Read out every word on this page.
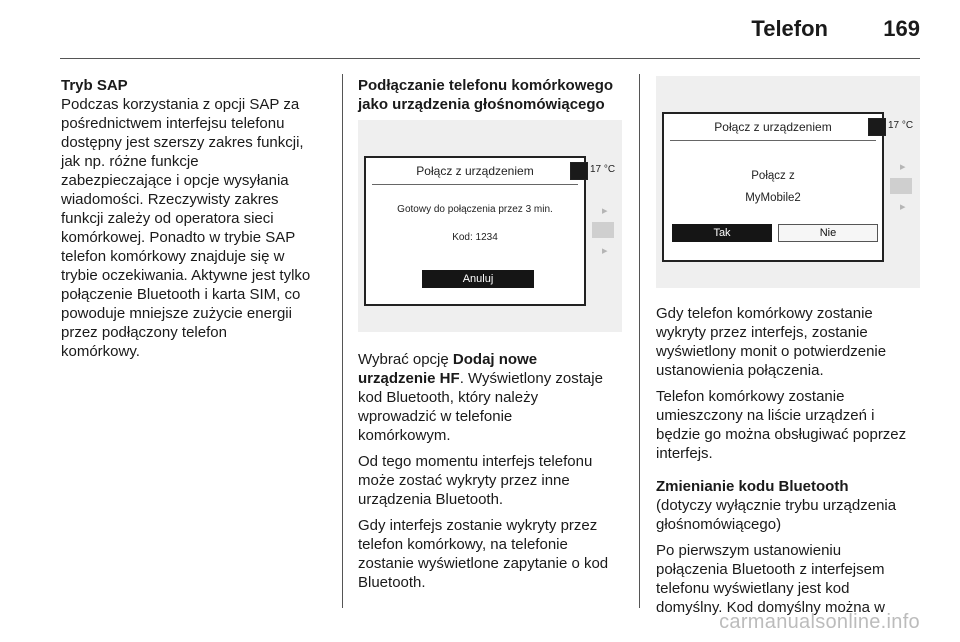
Telefon	169
Tryb SAP

Podczas korzystania z opcji SAP za

pośrednictwem interfejsu telefonu

dostępny jest szerszy zakres funkcji,

jak np. różne funkcje

zabezpieczające i opcje wysyłania

wiadomości. Rzeczywisty zakres

funkcji zależy od operatora sieci

komórkowej. Ponadto w trybie SAP

telefon komórkowy znajduje się w

trybie oczekiwania. Aktywne jest tylko

połączenie Bluetooth i karta SIM, co

powoduje mniejsze zużycie energii

przez podłączony telefon

komórkowy.

Podłączanie telefonu komórkowego
jako urządzenia głośnomówiącego
Połącz z urządzeniem
Gotowy do połączenia przez 3 min.
Kod: 1234
Anuluj
17 °C
▸
▸

Wybrać opcję Dodaj nowe

urządzenie HF. Wyświetlony zostaje

kod Bluetooth, który należy

wprowadzić w telefonie

komórkowym.

Od tego momentu interfejs telefonu

może zostać wykryty przez inne

urządzenia Bluetooth.

Gdy interfejs zostanie wykryty przez

telefon komórkowy, na telefonie

zostanie wyświetlone zapytanie o kod

Bluetooth.

Połącz z urządzeniem
Połącz z
MyMobile2
Tak	Nie
17 °C
▸
▸

Gdy telefon komórkowy zostanie

wykryty przez interfejs, zostanie

wyświetlony monit o potwierdzenie

ustanowienia połączenia.

Telefon komórkowy zostanie

umieszczony na liście urządzeń i

będzie go można obsługiwać poprzez

interfejs.

Zmienianie kodu Bluetooth

(dotyczy wyłącznie trybu urządzenia

głośnomówiącego)

Po pierwszym ustanowieniu

połączenia Bluetooth z interfejsem

telefonu wyświetlany jest kod

domyślny. Kod domyślny można w

carmanualsonline.info
